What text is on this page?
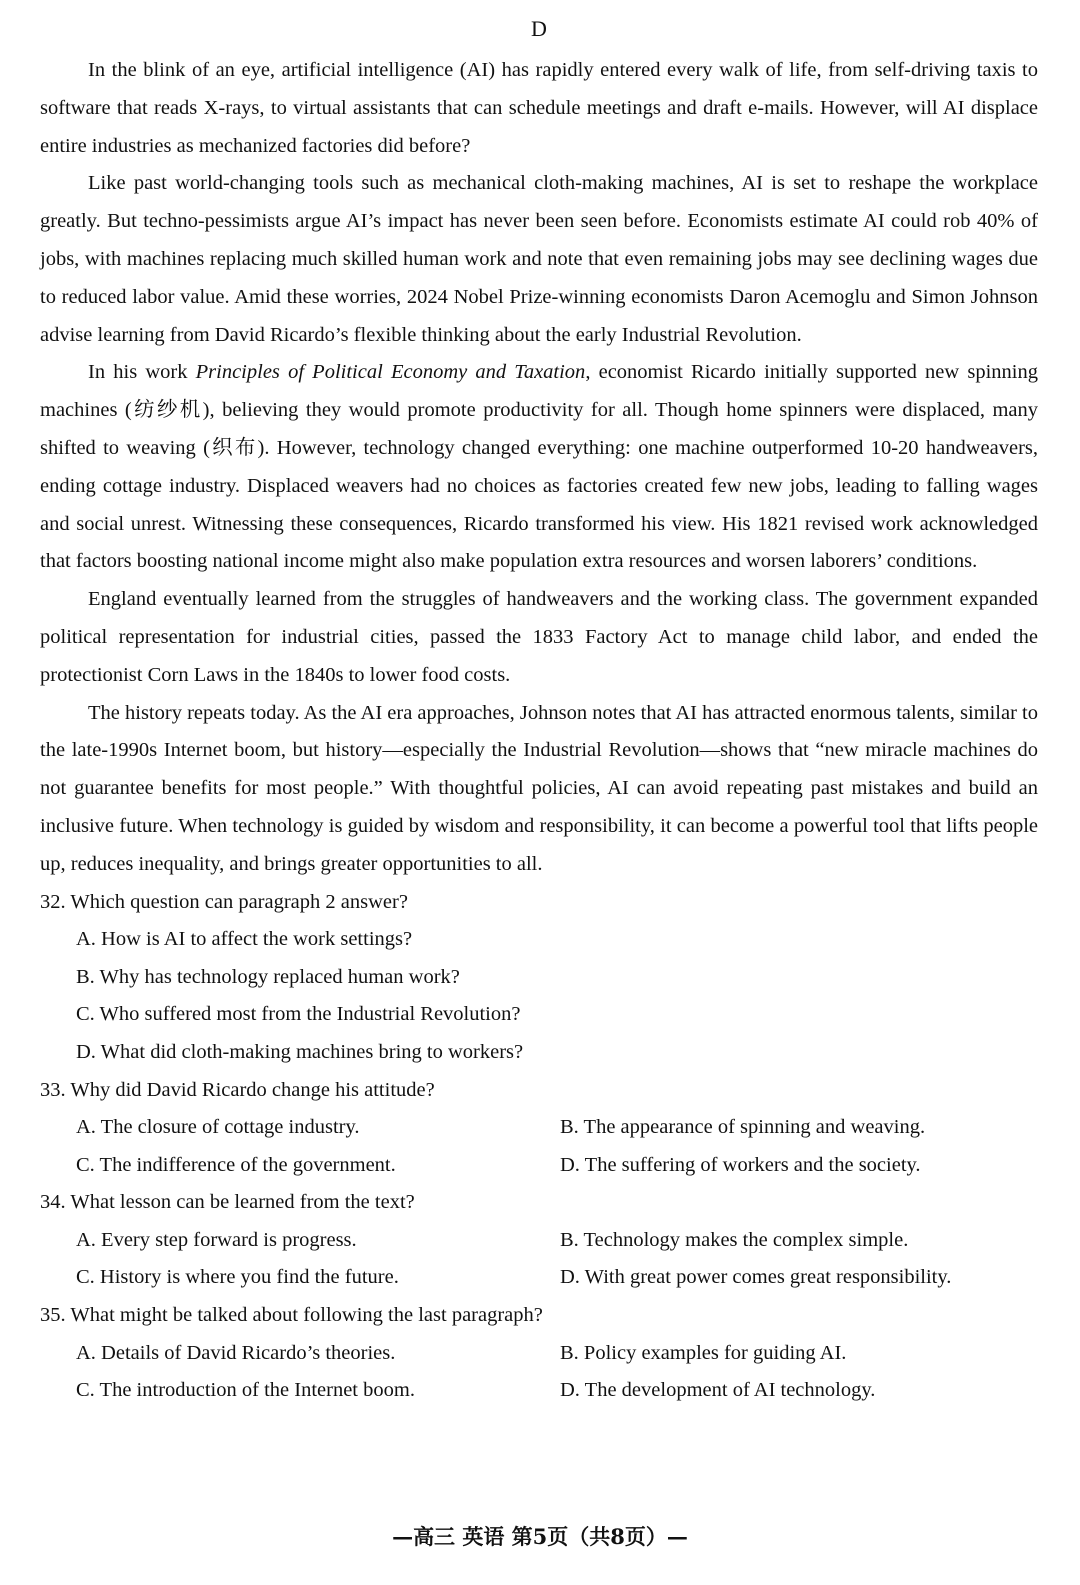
D

In the blink of an eye, artificial intelligence (AI) has rapidly entered every walk of life, from self-driving taxis to software that reads X-rays, to virtual assistants that can schedule meetings and draft e-mails. However, will AI displace entire industries as mechanized factories did before?

Like past world-changing tools such as mechanical cloth-making machines, AI is set to reshape the workplace greatly. But techno-pessimists argue AI’s impact has never been seen before. Economists estimate AI could rob 40% of jobs, with machines replacing much skilled human work and note that even remaining jobs may see declining wages due to reduced labor value. Amid these worries, 2024 Nobel Prize-winning economists Daron Acemoglu and Simon Johnson advise learning from David Ricardo’s flexible thinking about the early Industrial Revolution.

In his work Principles of Political Economy and Taxation, economist Ricardo initially supported new spinning machines (纺纱机), believing they would promote productivity for all. Though home spinners were displaced, many shifted to weaving (织布). However, technology changed everything: one machine outperformed 10-20 handweavers, ending cottage industry. Displaced weavers had no choices as factories created few new jobs, leading to falling wages and social unrest. Witnessing these consequences, Ricardo transformed his view. His 1821 revised work acknowledged that factors boosting national income might also make population extra resources and worsen laborers’ conditions.

England eventually learned from the struggles of handweavers and the working class. The government expanded political representation for industrial cities, passed the 1833 Factory Act to manage child labor, and ended the protectionist Corn Laws in the 1840s to lower food costs.

The history repeats today. As the AI era approaches, Johnson notes that AI has attracted enormous talents, similar to the late-1990s Internet boom, but history—especially the Industrial Revolution—shows that “new miracle machines do not guarantee benefits for most people.” With thoughtful policies, AI can avoid repeating past mistakes and build an inclusive future. When technology is guided by wisdom and responsibility, it can become a powerful tool that lifts people up, reduces inequality, and brings greater opportunities to all.

32. Which question can paragraph 2 answer?
A. How is AI to affect the work settings?
B. Why has technology replaced human work?
C. Who suffered most from the Industrial Revolution?
D. What did cloth-making machines bring to workers?
33. Why did David Ricardo change his attitude?
A. The closure of cottage industry.	B. The appearance of spinning and weaving.
C. The indifference of the government.	D. The suffering of workers and the society.
34. What lesson can be learned from the text?
A. Every step forward is progress.	B. Technology makes the complex simple.
C. History is where you find the future.	D. With great power comes great responsibility.
35. What might be talked about following the last paragraph?
A. Details of David Ricardo’s theories.	B. Policy examples for guiding AI.
C. The introduction of the Internet boom.	D. The development of AI technology.
—高三 英语 第5页（共8页）—
